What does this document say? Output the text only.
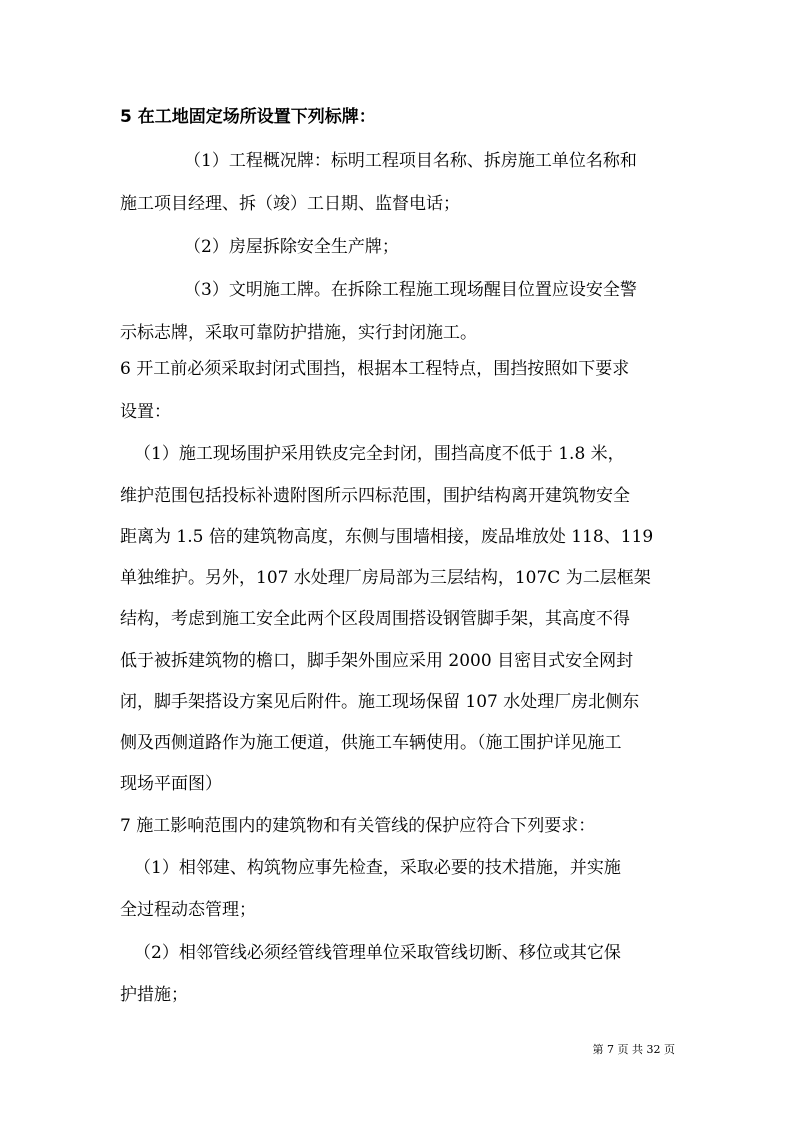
5 在工地固定场所设置下列标牌：
（1）工程概况牌：标明工程项目名称、拆房施工单位名称和
施工项目经理、拆（竣）工日期、监督电话；
（2）房屋拆除安全生产牌；
（3）文明施工牌。在拆除工程施工现场醒目位置应设安全警
示标志牌，采取可靠防护措施，实行封闭施工。
6 开工前必须采取封闭式围挡，根据本工程特点，围挡按照如下要求
设置：
（1）施工现场围护采用铁皮完全封闭，围挡高度不低于 1.8 米，
维护范围包括投标补遗附图所示四标范围，围护结构离开建筑物安全
距离为 1.5 倍的建筑物高度，东侧与围墙相接，废品堆放处 118、119
单独维护。另外，107 水处理厂房局部为三层结构，107C 为二层框架
结构，考虑到施工安全此两个区段周围搭设钢管脚手架，其高度不得
低于被拆建筑物的檐口，脚手架外围应采用 2000 目密目式安全网封
闭，脚手架搭设方案见后附件。施工现场保留 107 水处理厂房北侧东
侧及西侧道路作为施工便道，供施工车辆使用。（施工围护详见施工
现场平面图）
7 施工影响范围内的建筑物和有关管线的保护应符合下列要求：
（1）相邻建、构筑物应事先检查，采取必要的技术措施，并实施
全过程动态管理；
（2）相邻管线必须经管线管理单位采取管线切断、移位或其它保
护措施；
第 7 页 共 32 页
